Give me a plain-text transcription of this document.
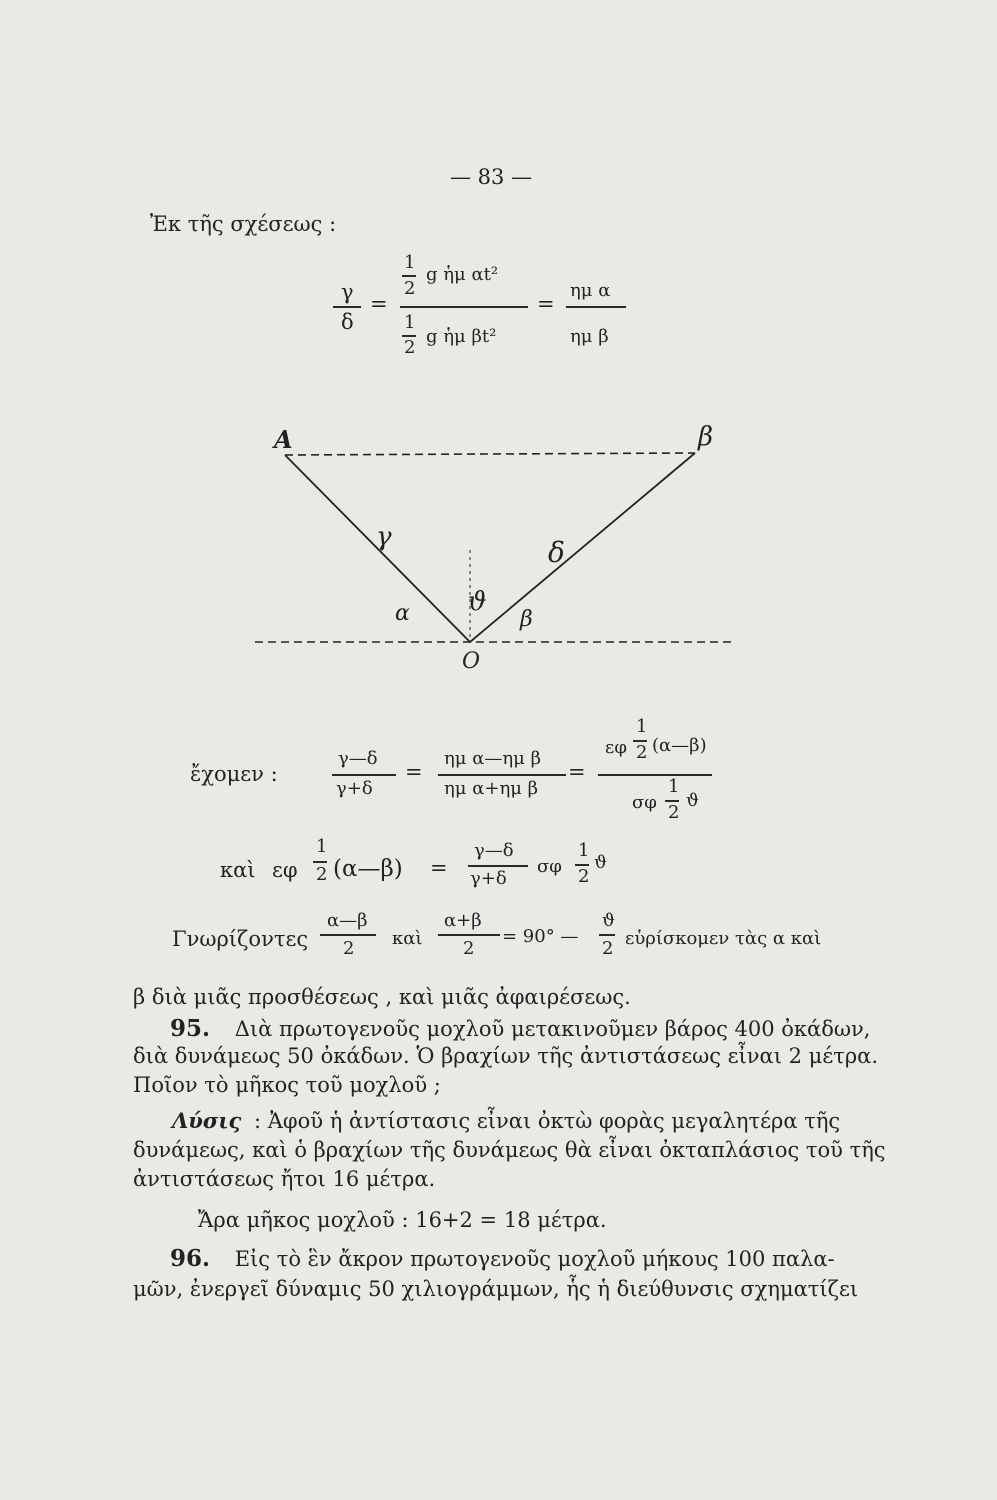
— 83 —
Ἐκ τῆς σχέσεως :
γ
δ
=
1
2
g ἡμ αt²
1
2
g ἡμ βt²
=
ημ α
ημ β
A	β
O
γ	δ
ϑ
α	β
ἔχομεν :
γ—δ
γ+δ
=
ημ α—ημ β
ημ α+ημ β
=
εφ
1
2 (α—β)
σφ
1
2
ϑ
καὶ εφ
1
2 (α—β) =
γ—δ
γ+δ
σφ
1
2
ϑ
Γνωρίζοντες
α—β
2 καὶ
α+β
2
= 90° —
ϑ
2 εὑρίσκομεν τὰς α καὶ
β διὰ μιᾶς προσθέσεως , καὶ μιᾶς ἀφαιρέσεως.
95. Διὰ πρωτογενοῦς μοχλοῦ μετακινοῦμεν βάρος 400 ὀκάδων,
διὰ δυνάμεως 50 ὀκάδων. Ὁ βραχίων τῆς ἀντιστάσεως εἶναι 2 μέτρα.
Ποῖον τὸ μῆκος τοῦ μοχλοῦ ;
Λύσις : Ἀφοῦ ἡ ἀντίστασις εἶναι ὀκτὼ φορὰς μεγαλητέρα τῆς
δυνάμεως, καὶ ὁ βραχίων τῆς δυνάμεως θὰ εἶναι ὀκταπλάσιος τοῦ τῆς
ἀντιστάσεως ἤτοι 16 μέτρα.
Ἄρα μῆκος μοχλοῦ : 16+2 = 18 μέτρα.
96. Εἰς τὸ ἓν ἄκρον πρωτογενοῦς μοχλοῦ μήκους 100 παλα-
μῶν, ἐνεργεῖ δύναμις 50 χιλιογράμμων, ἧς ἡ διεύθυνσις σχηματίζει
